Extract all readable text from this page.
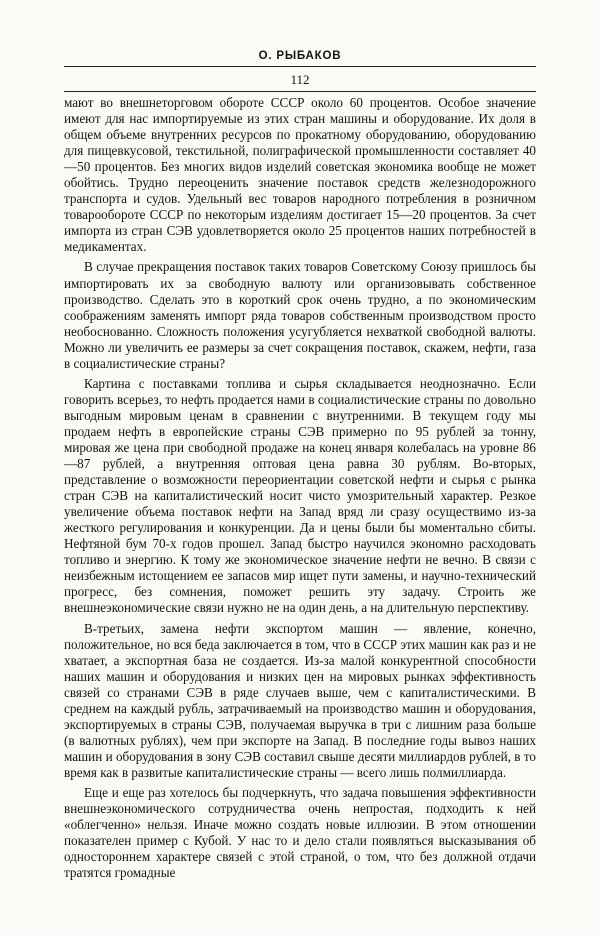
О. РЫБАКОВ
112

мают во внешнеторговом обороте СССР около 60 процентов. Особое значение имеют для нас импортируемые из этих стран машины и оборудование. Их доля в общем объеме внутренних ресурсов по прокатному оборудованию, оборудованию для пищевкусовой, текстильной, полиграфической промышленности составляет 40—50 процентов. Без многих видов изделий советская экономика вообще не может обойтись. Трудно переоценить значение поставок средств железнодорожного транспорта и судов. Удельный вес товаров народного потребления в розничном товарообороте СССР по некоторым изделиям достигает 15—20 процентов. За счет импорта из стран СЭВ удовлетворяется около 25 процентов наших потребностей в медикаментах.

В случае прекращения поставок таких товаров Советскому Союзу пришлось бы импортировать их за свободную валюту или организовывать собственное производство. Сделать это в короткий срок очень трудно, а по экономическим соображениям заменять импорт ряда товаров собственным производством просто необоснованно. Сложность положения усугубляется нехваткой свободной валюты. Можно ли увеличить ее размеры за счет сокращения поставок, скажем, нефти, газа в социалистические страны?

Картина с поставками топлива и сырья складывается неоднозначно. Если говорить всерьез, то нефть продается нами в социалистические страны по довольно выгодным мировым ценам в сравнении с внутренними. В текущем году мы продаем нефть в европейские страны СЭВ примерно по 95 рублей за тонну, мировая же цена при свободной продаже на конец января колебалась на уровне 86—87 рублей, а внутренняя оптовая цена равна 30 рублям. Во-вторых, представление о возможности переориентации советской нефти и сырья с рынка стран СЭВ на капиталистический носит чисто умозрительный характер. Резкое увеличение объема поставок нефти на Запад вряд ли сразу осуществимо из-за жесткого регулирования и конкуренции. Да и цены были бы моментально сбиты. Нефтяной бум 70-х годов прошел. Запад быстро научился экономно расходовать топливо и энергию. К тому же экономическое значение нефти не вечно. В связи с неизбежным истощением ее запасов мир ищет пути замены, и научно-технический прогресс, без сомнения, поможет решить эту задачу. Строить же внешнеэкономические связи нужно не на один день, а на длительную перспективу.

В-третьих, замена нефти экспортом машин — явление, конечно, положительное, но вся беда заключается в том, что в СССР этих машин как раз и не хватает, а экспортная база не создается. Из-за малой конкурентной способности наших машин и оборудования и низких цен на мировых рынках эффективность связей со странами СЭВ в ряде случаев выше, чем с капиталистическими. В среднем на каждый рубль, затрачиваемый на производство машин и оборудования, экспортируемых в страны СЭВ, получаемая выручка в три с лишним раза больше (в валютных рублях), чем при экспорте на Запад. В последние годы вывоз наших машин и оборудования в зону СЭВ составил свыше десяти миллиардов рублей, в то время как в развитые капиталистические страны — всего лишь полмиллиарда.

Еще и еще раз хотелось бы подчеркнуть, что задача повышения эффективности внешнеэкономического сотрудничества очень непростая, подходить к ней «облегченно» нельзя. Иначе можно создать новые иллюзии. В этом отношении показателен пример с Кубой. У нас то и дело стали появляться высказывания об одностороннем характере связей с этой страной, о том, что без должной отдачи тратятся громадные
